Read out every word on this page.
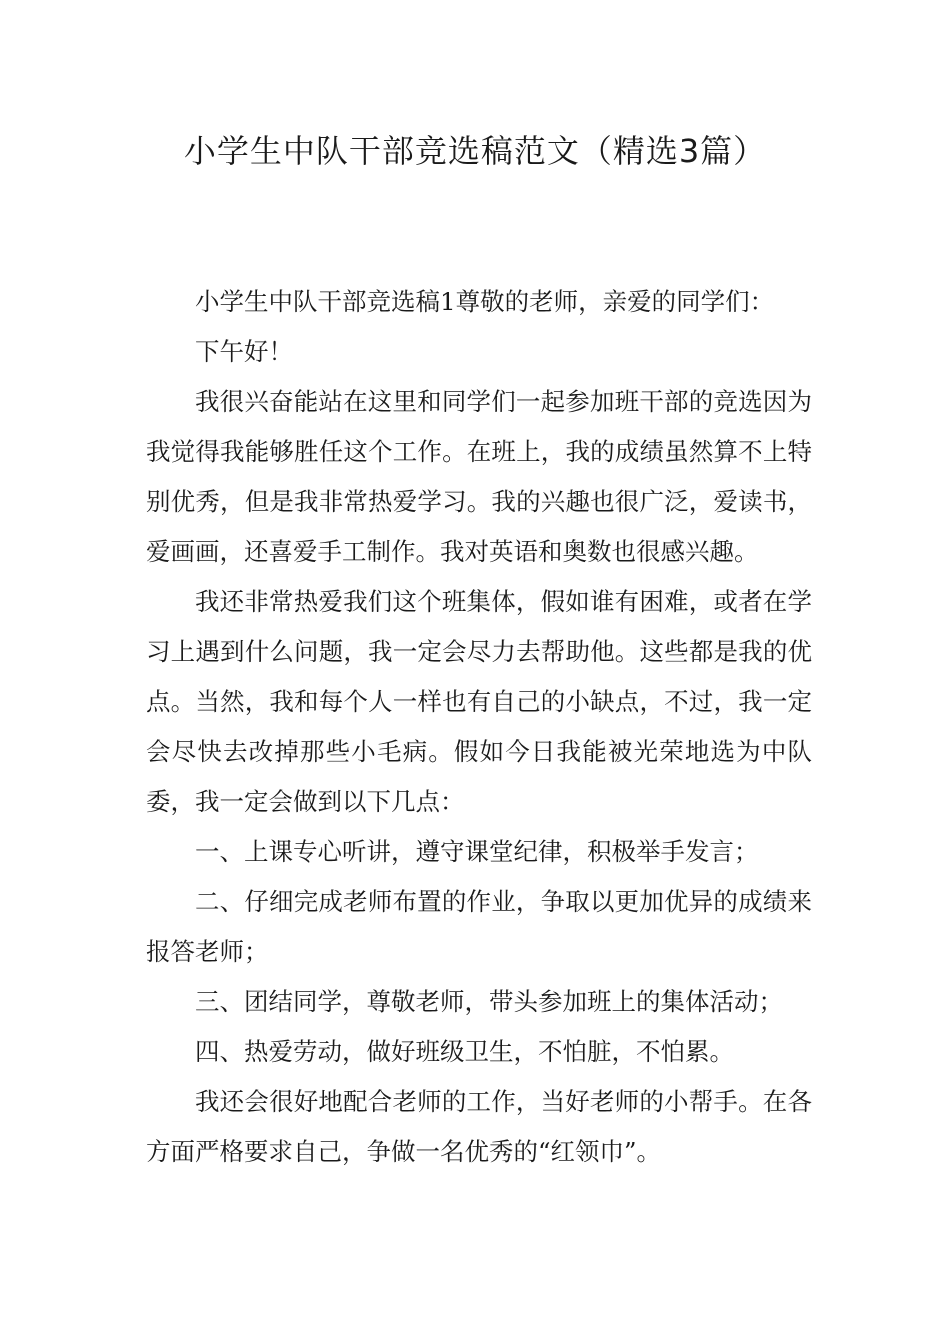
小学生中队干部竞选稿范文（精选3篇）

小学生中队干部竞选稿1尊敬的老师，亲爱的同学们：

下午好！

我很兴奋能站在这里和同学们一起参加班干部的竞选因为我觉得我能够胜任这个工作。在班上，我的成绩虽然算不上特别优秀，但是我非常热爱学习。我的兴趣也很广泛，爱读书，爱画画，还喜爱手工制作。我对英语和奥数也很感兴趣。

我还非常热爱我们这个班集体，假如谁有困难，或者在学习上遇到什么问题，我一定会尽力去帮助他。这些都是我的优点。当然，我和每个人一样也有自己的小缺点，不过，我一定会尽快去改掉那些小毛病。假如今日我能被光荣地选为中队委，我一定会做到以下几点：

一、上课专心听讲，遵守课堂纪律，积极举手发言；

二、仔细完成老师布置的作业，争取以更加优异的成绩来报答老师；

三、团结同学，尊敬老师，带头参加班上的集体活动；

四、热爱劳动，做好班级卫生，不怕脏，不怕累。

我还会很好地配合老师的工作，当好老师的小帮手。在各方面严格要求自己，争做一名优秀的“红领巾”。
